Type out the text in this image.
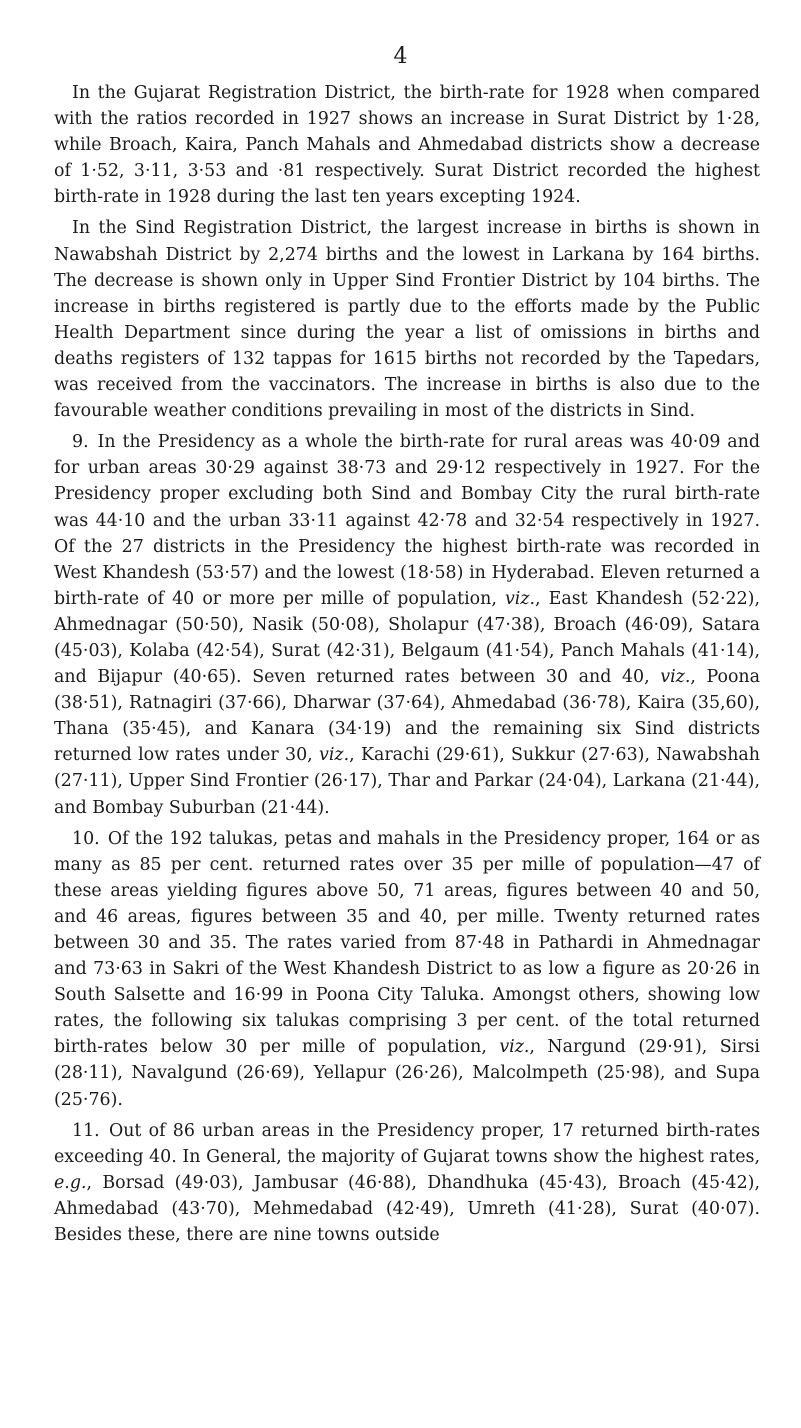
4

In the Gujarat Registration District, the birth-rate for 1928 when compared with the ratios recorded in 1927 shows an increase in Surat District by 1·28, while Broach, Kaira, Panch Mahals and Ahmedabad districts show a decrease of 1·52, 3·11, 3·53 and ·81 respectively. Surat District recorded the highest birth-rate in 1928 during the last ten years excepting 1924.

In the Sind Registration District, the largest increase in births is shown in Nawabshah District by 2,274 births and the lowest in Larkana by 164 births. The decrease is shown only in Upper Sind Frontier District by 104 births. The increase in births registered is partly due to the efforts made by the Public Health Department since during the year a list of omissions in births and deaths registers of 132 tappas for 1615 births not recorded by the Tapedars, was received from the vaccinators. The increase in births is also due to the favourable weather conditions prevailing in most of the districts in Sind.

9. In the Presidency as a whole the birth-rate for rural areas was 40·09 and for urban areas 30·29 against 38·73 and 29·12 respectively in 1927. For the Presidency proper excluding both Sind and Bombay City the rural birth-rate was 44·10 and the urban 33·11 against 42·78 and 32·54 respectively in 1927. Of the 27 districts in the Presidency the highest birth-rate was recorded in West Khandesh (53·57) and the lowest (18·58) in Hyderabad. Eleven returned a birth-rate of 40 or more per mille of population, viz., East Khandesh (52·22), Ahmednagar (50·50), Nasik (50·08), Sholapur (47·38), Broach (46·09), Satara (45·03), Kolaba (42·54), Surat (42·31), Belgaum (41·54), Panch Mahals (41·14), and Bijapur (40·65). Seven returned rates between 30 and 40, viz., Poona (38·51), Ratnagiri (37·66), Dharwar (37·64), Ahmedabad (36·78), Kaira (35,60), Thana (35·45), and Kanara (34·19) and the remaining six Sind districts returned low rates under 30, viz., Karachi (29·61), Sukkur (27·63), Nawabshah (27·11), Upper Sind Frontier (26·17), Thar and Parkar (24·04), Larkana (21·44), and Bombay Suburban (21·44).

10. Of the 192 talukas, petas and mahals in the Presidency proper, 164 or as many as 85 per cent. returned rates over 35 per mille of population—47 of these areas yielding figures above 50, 71 areas, figures between 40 and 50, and 46 areas, figures between 35 and 40, per mille. Twenty returned rates between 30 and 35. The rates varied from 87·48 in Pathardi in Ahmednagar and 73·63 in Sakri of the West Khandesh District to as low a figure as 20·26 in South Salsette and 16·99 in Poona City Taluka. Amongst others, showing low rates, the following six talukas comprising 3 per cent. of the total returned birth-rates below 30 per mille of population, viz., Nargund (29·91), Sirsi (28·11), Navalgund (26·69), Yellapur (26·26), Malcolmpeth (25·98), and Supa (25·76).

11. Out of 86 urban areas in the Presidency proper, 17 returned birth-rates exceeding 40. In General, the majority of Gujarat towns show the highest rates, e.g., Borsad (49·03), Jambusar (46·88), Dhandhuka (45·43), Broach (45·42), Ahmedabad (43·70), Mehmedabad (42·49), Umreth (41·28), Surat (40·07). Besides these, there are nine towns outside
